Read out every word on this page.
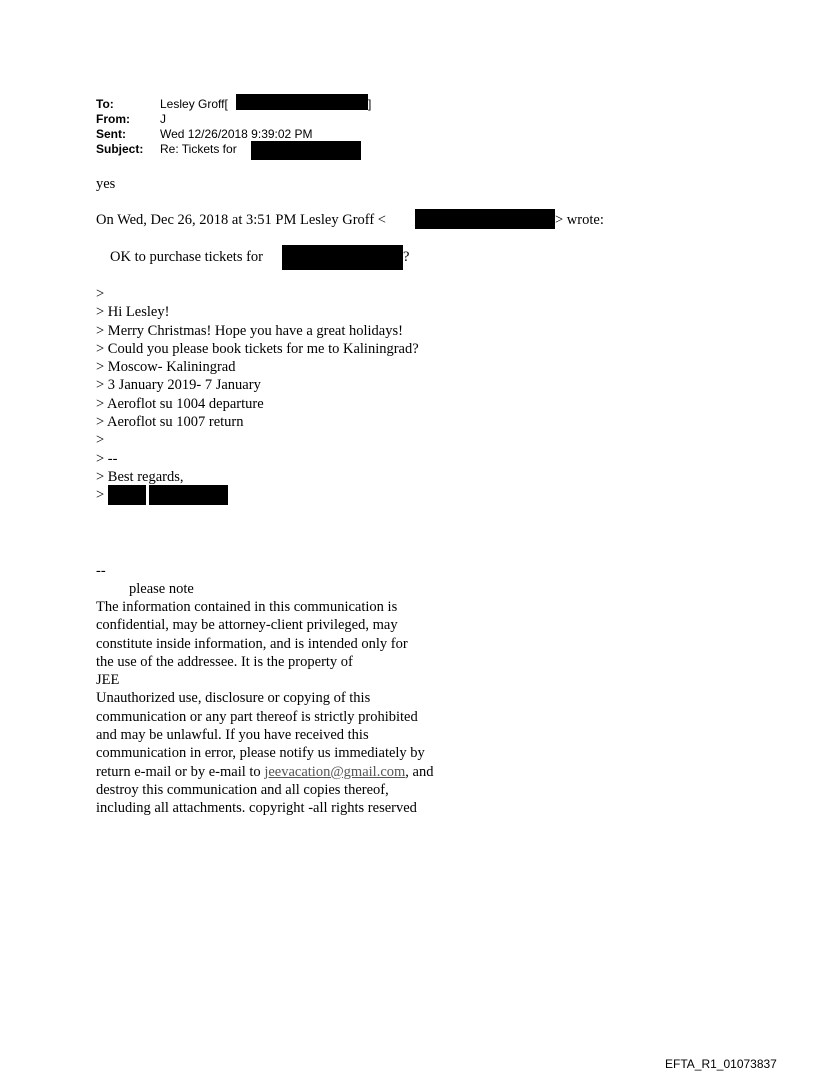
To:	Lesley Groff[	]
From:	J
Sent:	Wed 12/26/2018 9:39:02 PM
Subject: Re: Tickets for
yes
On Wed, Dec 26, 2018 at 3:51 PM Lesley Groff <	> wrote:
OK to purchase tickets for	?
>
> Hi Lesley!
> Merry Christmas! Hope you have a great holidays!
> Could you please book tickets for me to Kaliningrad?
> Moscow- Kaliningrad
> 3 January 2019- 7 January
> Aeroflot su 1004 departure
> Aeroflot su 1007 return
>
> --
> Best regards,
>
--
please note
The information contained in this communication is
confidential, may be attorney-client privileged, may
constitute inside information, and is intended only for
the use of the addressee. It is the property of
JEE
Unauthorized use, disclosure or copying of this
communication or any part thereof is strictly prohibited
and may be unlawful. If you have received this
communication in error, please notify us immediately by
return e-mail or by e-mail to jeevacation@gmail.com, and
destroy this communication and all copies thereof,
including all attachments. copyright -all rights reserved
EFTA_R1_01073837
